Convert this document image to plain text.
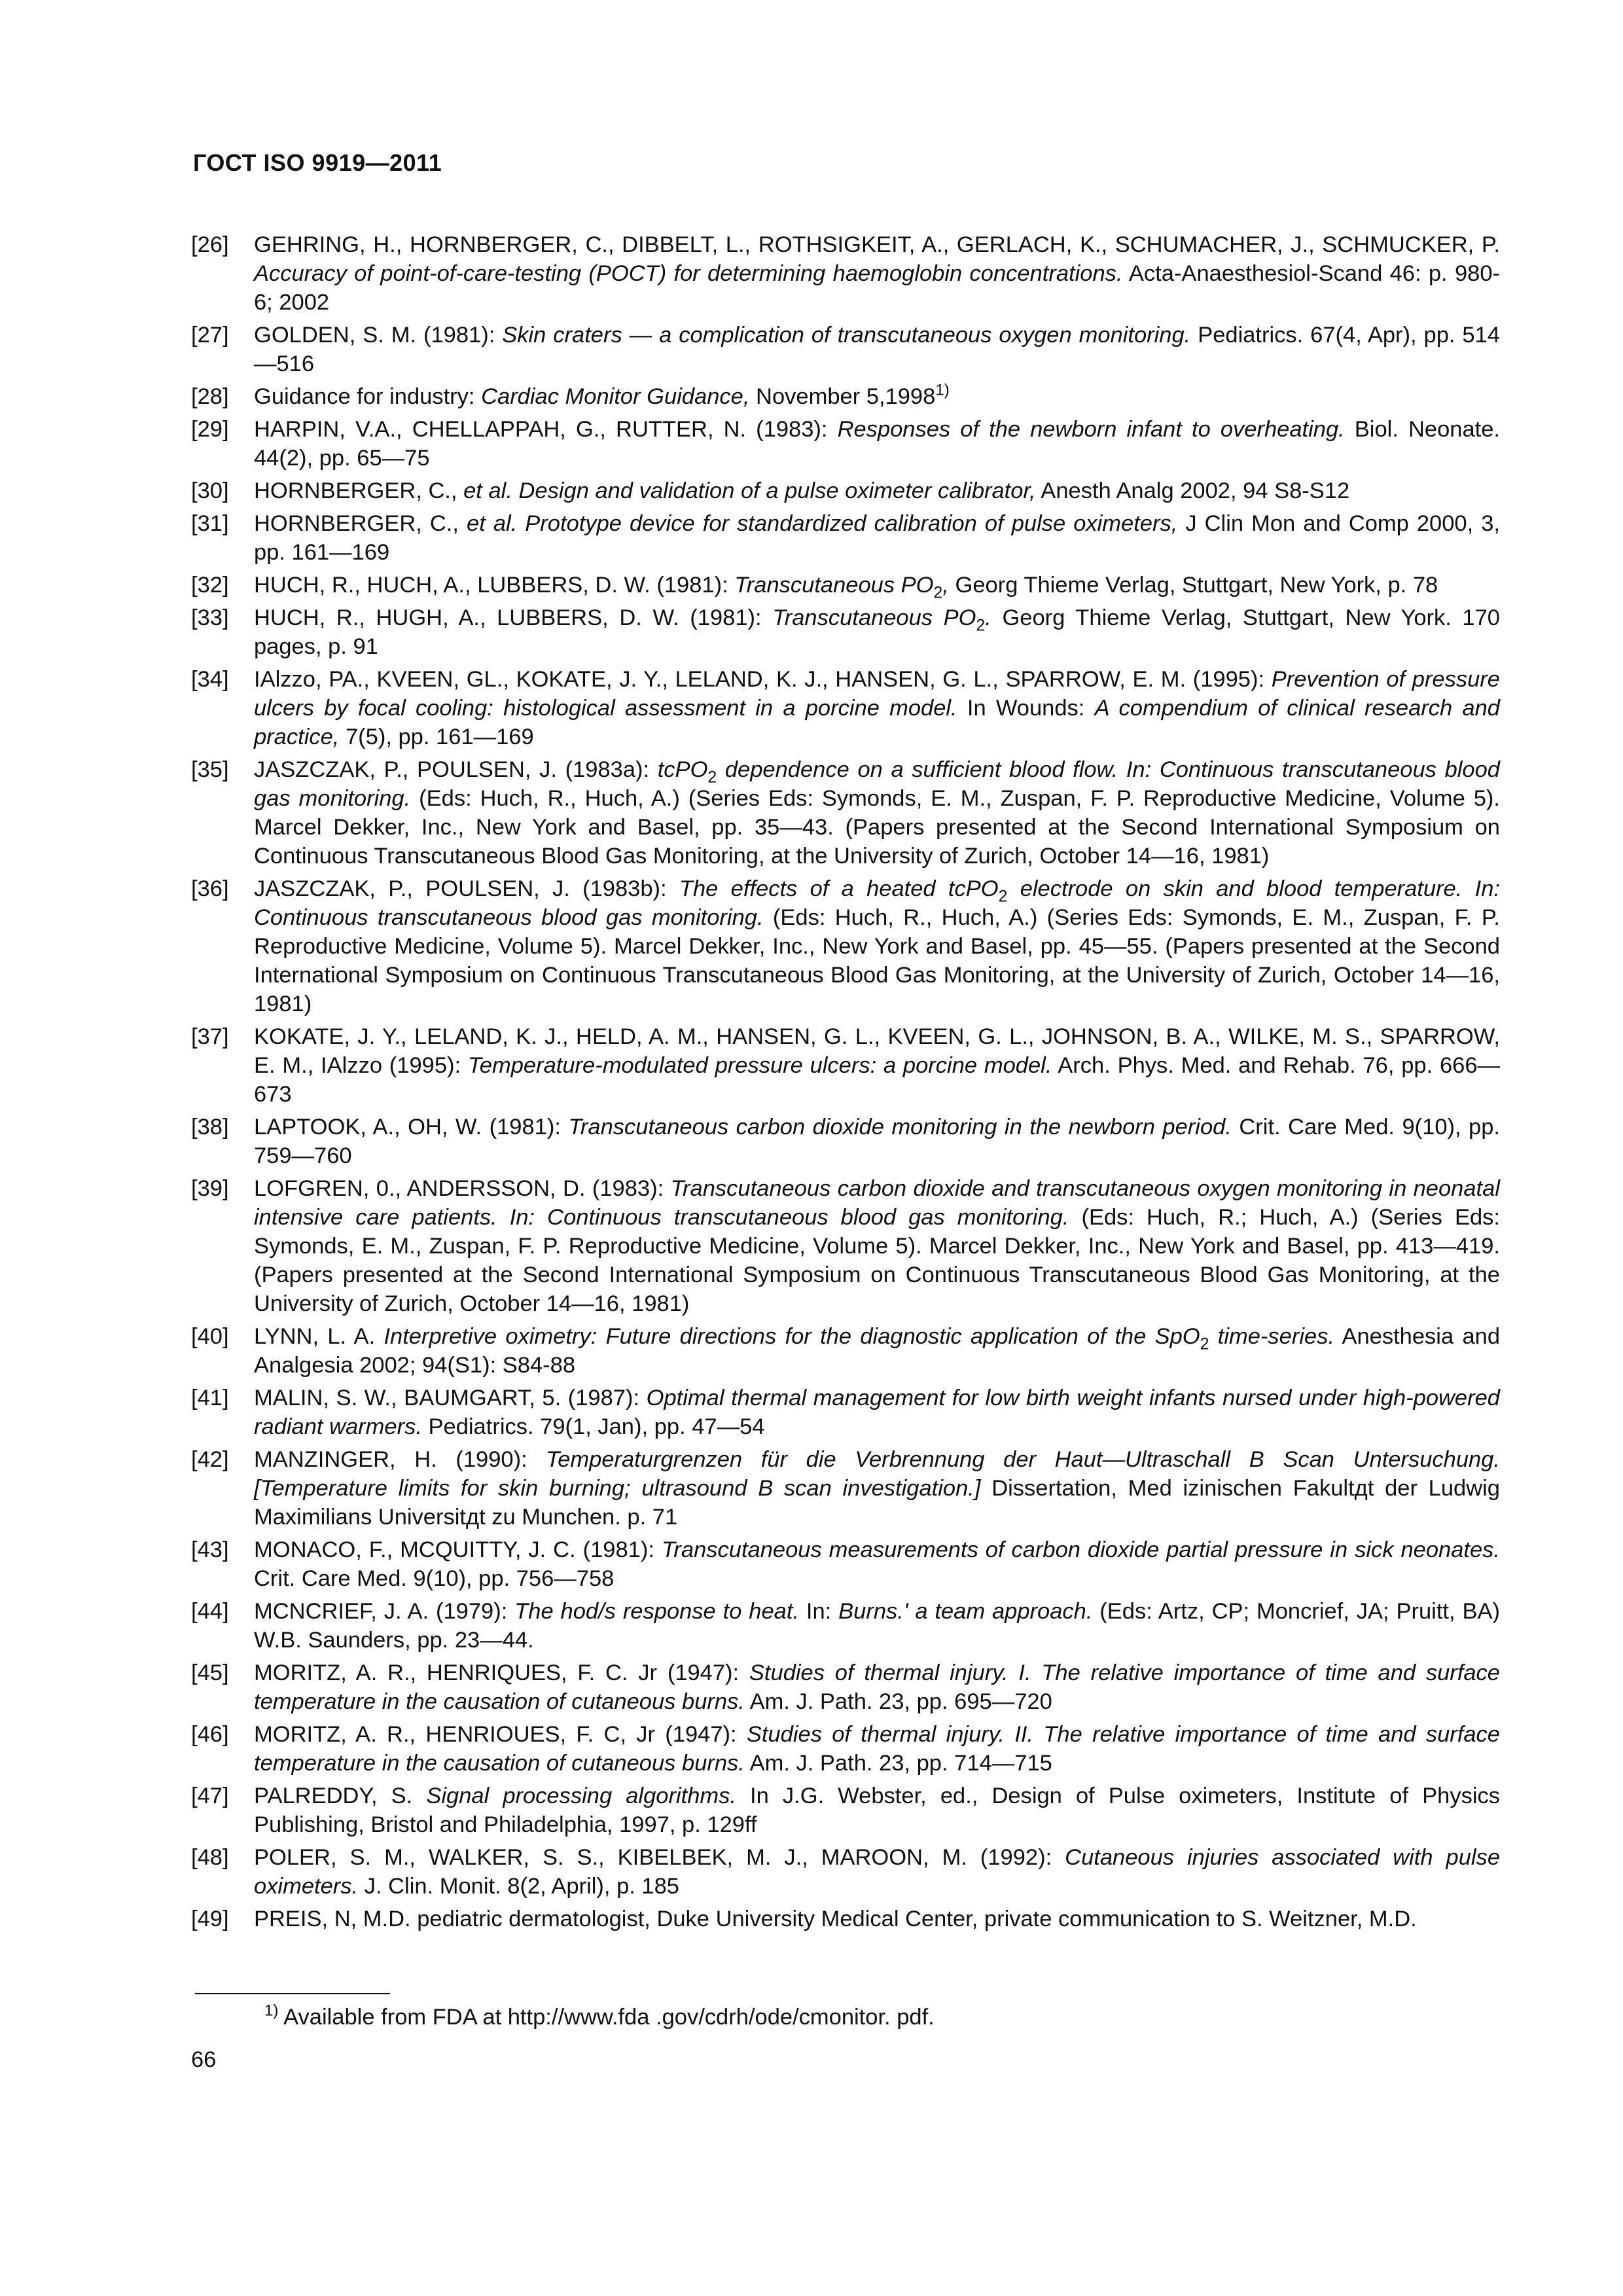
ГОСТ ISO 9919—2011
[26] GEHRING, H., HORNBERGER, C., DIBBELT, L., ROTHSIGKEIT, A., GERLACH, K., SCHUMACHER, J., SCHMUCKER, P. Accuracy of point-of-care-testing (POCT) for determining haemoglobin concentrations. Acta-Anaesthesiol-Scand 46: p. 980-6; 2002
[27] GOLDEN, S. M. (1981): Skin craters — a complication of transcutaneous oxygen monitoring. Pediatrics. 67(4, Apr), pp. 514—516
[28] Guidance for industry: Cardiac Monitor Guidance, November 5,1998$^{1)}$
[29] HARPIN, V.A., CHELLAPPAH, G., RUTTER, N. (1983): Responses of the newborn infant to overheating. Biol. Neonate. 44(2), pp. 65—75
[30] HORNBERGER, C., et al. Design and validation of a pulse oximeter calibrator, Anesth Analg 2002, 94 S8-S12
[31] HORNBERGER, C., et al. Prototype device for standardized calibration of pulse oximeters, J Clin Mon and Comp 2000, 3, pp. 161—169
[32] HUCH, R., HUCH, A., LUBBERS, D. W. (1981): Transcutaneous $PO_2$, Georg Thieme Verlag, Stuttgart, New York, p. 78
[33] HUCH, R., HUGH, A., LUBBERS, D. W. (1981): Transcutaneous $PO_2$. Georg Thieme Verlag, Stuttgart, New York. 170 pages, p. 91
[34] IAlzzo, PA., KVEEN, GL., KOKATE, J. Y., LELAND, K. J., HANSEN, G. L., SPARROW, E. M. (1995): Prevention of pressure ulcers by focal cooling: histological assessment in a porcine model. In Wounds: A compendium of clinical research and practice, 7(5), pp. 161—169
[35] JASZCZAK, P., POULSEN, J. (1983a): tcPO$_2$ dependence on a sufficient blood flow. In: Continuous transcutaneous blood gas monitoring. (Eds: Huch, R., Huch, A.) (Series Eds: Symonds, E. M., Zuspan, F. P. Reproductive Medicine, Volume 5). Marcel Dekker, Inc., New York and Basel, pp. 35—43. (Papers presented at the Second International Symposium on Continuous Transcutaneous Blood Gas Monitoring, at the University of Zurich, October 14—16, 1981)
[36] JASZCZAK, P., POULSEN, J. (1983b): The effects of a heated tcPO$_2$ electrode on skin and blood temperature. In: Continuous transcutaneous blood gas monitoring. (Eds: Huch, R., Huch, A.) (Series Eds: Symonds, E. M., Zuspan, F. P. Reproductive Medicine, Volume 5). Marcel Dekker, Inc., New York and Basel, pp. 45—55. (Papers presented at the Second International Symposium on Continuous Transcutaneous Blood Gas Monitoring, at the University of Zurich, October 14—16, 1981)
[37] KOKATE, J. Y., LELAND, K. J., HELD, A. M., HANSEN, G. L., KVEEN, G. L., JOHNSON, B. A., WILKE, M. S., SPARROW, E. M., IAlzzo (1995): Temperature-modulated pressure ulcers: a porcine model. Arch. Phys. Med. and Rehab. 76, pp. 666—673
[38] LAPTOOK, A., OH, W. (1981): Transcutaneous carbon dioxide monitoring in the newborn period. Crit. Care Med. 9(10), pp. 759—760
[39] LOFGREN, 0., ANDERSSON, D. (1983): Transcutaneous carbon dioxide and transcutaneous oxygen monitoring in neonatal intensive care patients. In: Continuous transcutaneous blood gas monitoring. (Eds: Huch, R.; Huch, A.) (Series Eds: Symonds, E. M., Zuspan, F. P. Reproductive Medicine, Volume 5). Marcel Dekker, Inc., New York and Basel, pp. 413—419. (Papers presented at the Second International Symposium on Continuous Transcutaneous Blood Gas Monitoring, at the University of Zurich, October 14—16, 1981)
[40] LYNN, L. A. Interpretive oximetry: Future directions for the diagnostic application of the SpO$_2$ time-series. Anesthesia and Analgesia 2002; 94(S1): S84-88
[41] MALIN, S. W., BAUMGART, 5. (1987): Optimal thermal management for low birth weight infants nursed under high-powered radiant warmers. Pediatrics. 79(1, Jan), pp. 47—54
[42] MANZINGER, H. (1990): Temperaturgrenzen für die Verbrennung der Haut—Ultraschall B Scan Untersuchung. [Temperature limits for skin burning; ultrasound B scan investigation.] Dissertation, Med izinischen Fakultдt der Ludwig Maximilians Universitдt zu Munchen. p. 71
[43] MONACO, F., MCQUITTY, J. C. (1981): Transcutaneous measurements of carbon dioxide partial pressure in sick neonates. Crit. Care Med. 9(10), pp. 756—758
[44] MCNCRIEF, J. A. (1979): The hod/s response to heat. In: Burns.' a team approach. (Eds: Artz, CP; Moncrief, JA; Pruitt, BA) W.B. Saunders, pp. 23—44.
[45] MORITZ, A. R., HENRIQUES, F. C. Jr (1947): Studies of thermal injury. I. The relative importance of time and surface temperature in the causation of cutaneous burns. Am. J. Path. 23, pp. 695—720
[46] MORITZ, A. R., HENRIOUES, F. C, Jr (1947): Studies of thermal injury. II. The relative importance of time and surface temperature in the causation of cutaneous burns. Am. J. Path. 23, pp. 714—715
[47] PALREDDY, S. Signal processing algorithms. In J.G. Webster, ed., Design of Pulse oximeters, Institute of Physics Publishing, Bristol and Philadelphia, 1997, p. 129ff
[48] POLER, S. M., WALKER, S. S., KIBELBEK, M. J., MAROON, M. (1992): Cutaneous injuries associated with pulse oximeters. J. Clin. Monit. 8(2, April), p. 185
[49] PREIS, N, M.D. pediatric dermatologist, Duke University Medical Center, private communication to S. Weitzner, M.D.
$^{1)}$ Available from FDA at http://www.fda .gov/cdrh/ode/cmonitor. pdf.
66
